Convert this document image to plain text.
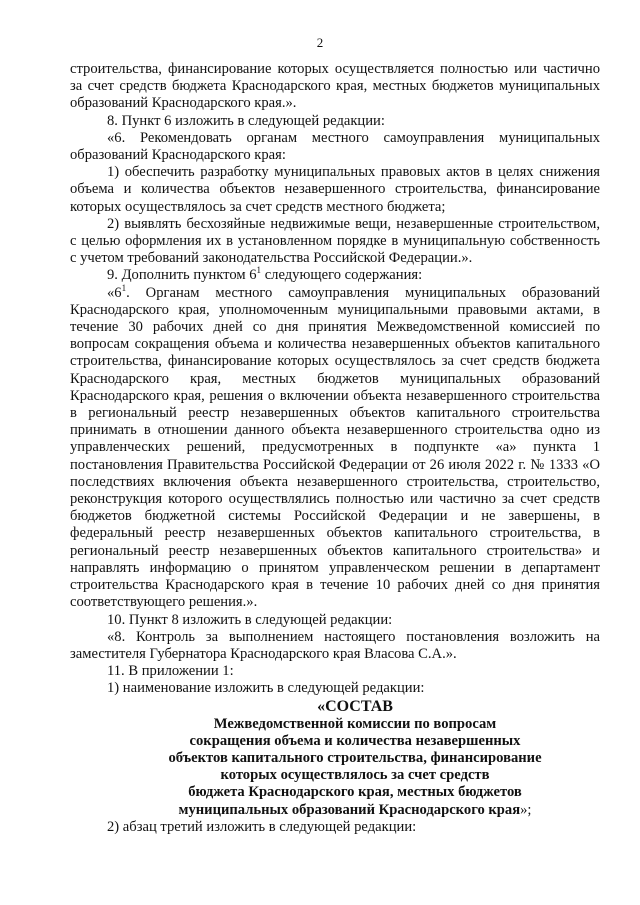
2

строительства, финансирование которых осуществляется полностью или частично за счет средств бюджета Краснодарского края, местных бюджетов муниципальных образований Краснодарского края.».

8. Пункт 6 изложить в следующей редакции:

«6. Рекомендовать органам местного самоуправления муниципальных образований Краснодарского края:

1) обеспечить разработку муниципальных правовых актов в целях снижения объема и количества объектов незавершенного строительства, финансирование которых осуществлялось за счет средств местного бюджета;

2) выявлять бесхозяйные недвижимые вещи, незавершенные строительством, с целью оформления их в установленном порядке в муниципальную собственность с учетом требований законодательства Российской Федерации.».

9. Дополнить пунктом $6^1$ следующего содержания:

«$6^1$. Органам местного самоуправления муниципальных образований Краснодарского края, уполномоченным муниципальными правовыми актами, в течение 30 рабочих дней со дня принятия Межведомственной комиссией по вопросам сокращения объема и количества незавершенных объектов капитального строительства, финансирование которых осуществлялось за счет средств бюджета Краснодарского края, местных бюджетов муниципальных образований Краснодарского края, решения о включении объекта незавершенного строительства в региональный реестр незавершенных объектов капитального строительства принимать в отношении данного объекта незавершенного строительства одно из управленческих решений, предусмотренных в подпункте «а» пункта 1 постановления Правительства Российской Федерации от 26 июля 2022 г. № 1333 «О последствиях включения объекта незавершенного строительства, строительство, реконструкция которого осуществлялись полностью или частично за счет средств бюджетов бюджетной системы Российской Федерации и не завершены, в федеральный реестр незавершенных объектов капитального строительства, в региональный реестр незавершенных объектов капитального строительства» и направлять информацию о принятом управленческом решении в департамент строительства Краснодарского края в течение 10 рабочих дней со дня принятия соответствующего решения.».

10. Пункт 8 изложить в следующей редакции:

«8. Контроль за выполнением настоящего постановления возложить на заместителя Губернатора Краснодарского края Власова С.А.».

11. В приложении 1:

1) наименование изложить в следующей редакции:

«СОСТАВ

Межведомственной комиссии по вопросам

сокращения объема и количества незавершенных

объектов капитального строительства, финансирование

которых осуществлялось за счет средств

бюджета Краснодарского края, местных бюджетов

муниципальных образований Краснодарского края»;

2) абзац третий изложить в следующей редакции:
